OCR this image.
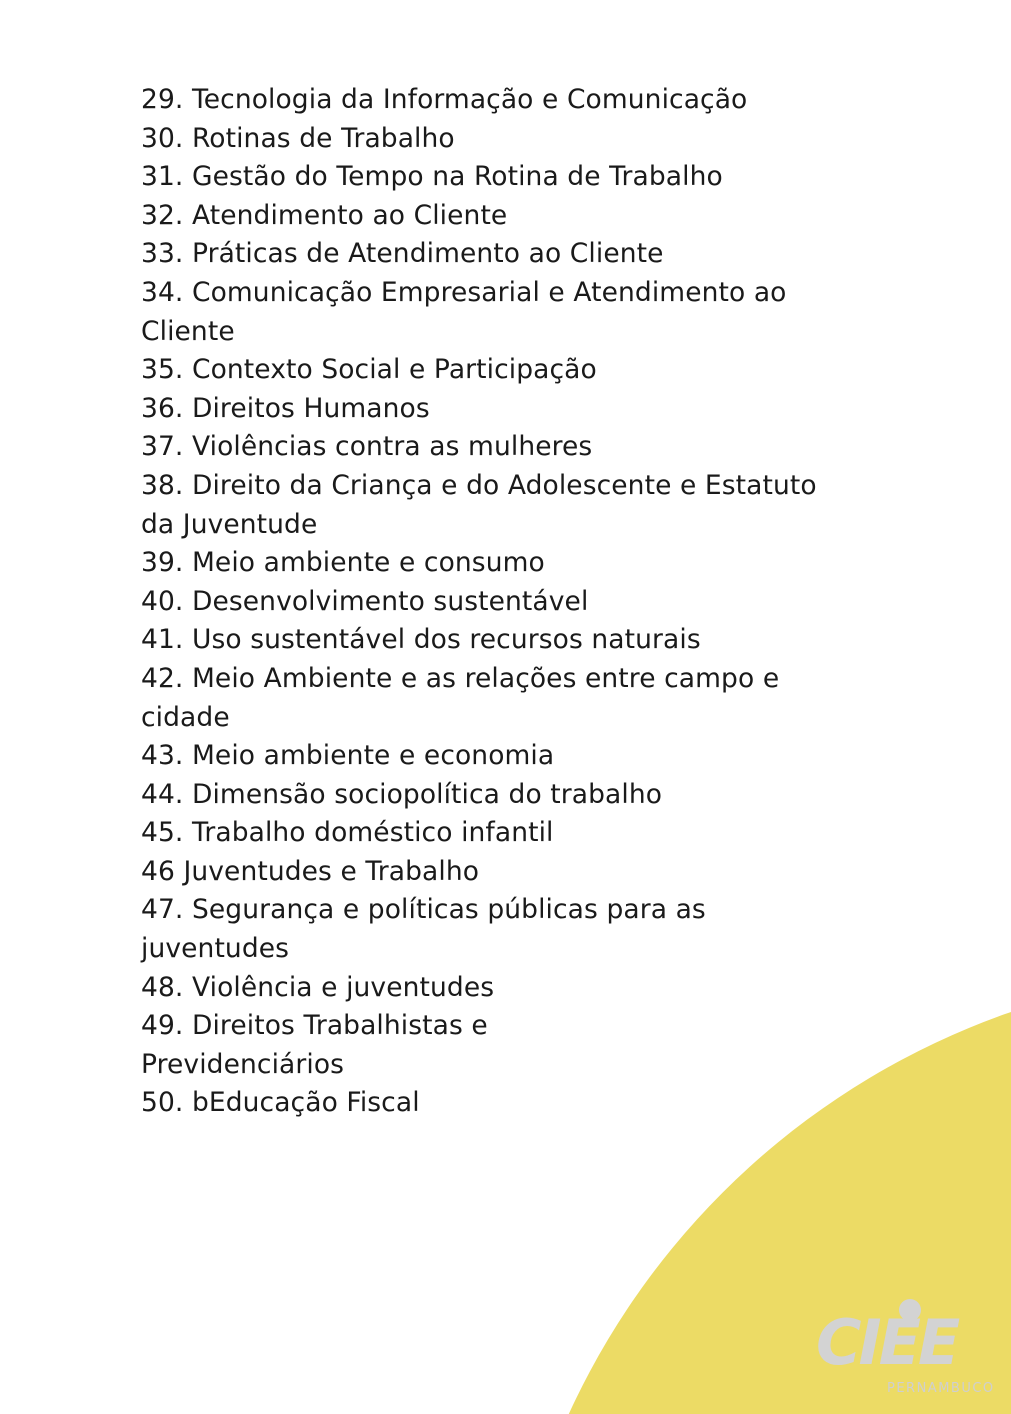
29. Tecnologia da Informação e Comunicação
30. Rotinas de Trabalho
31. Gestão do Tempo na Rotina de Trabalho
32. Atendimento ao Cliente
33. Práticas de Atendimento ao Cliente
34. Comunicação Empresarial e Atendimento ao
Cliente
35. Contexto Social e Participação
36. Direitos Humanos
37. Violências contra as mulheres
38. Direito da Criança e do Adolescente e Estatuto
da Juventude
39. Meio ambiente e consumo
40. Desenvolvimento sustentável
41. Uso sustentável dos recursos naturais
42. Meio Ambiente e as relações entre campo e
cidade
43. Meio ambiente e economia
44. Dimensão sociopolítica do trabalho
45. Trabalho doméstico infantil
46 Juventudes e Trabalho
47. Segurança e políticas públicas para as
juventudes
48. Violência e juventudes
49. Direitos Trabalhistas e
Previdenciários
50. bEducação Fiscal
CIEE
PERNAMBUCO
